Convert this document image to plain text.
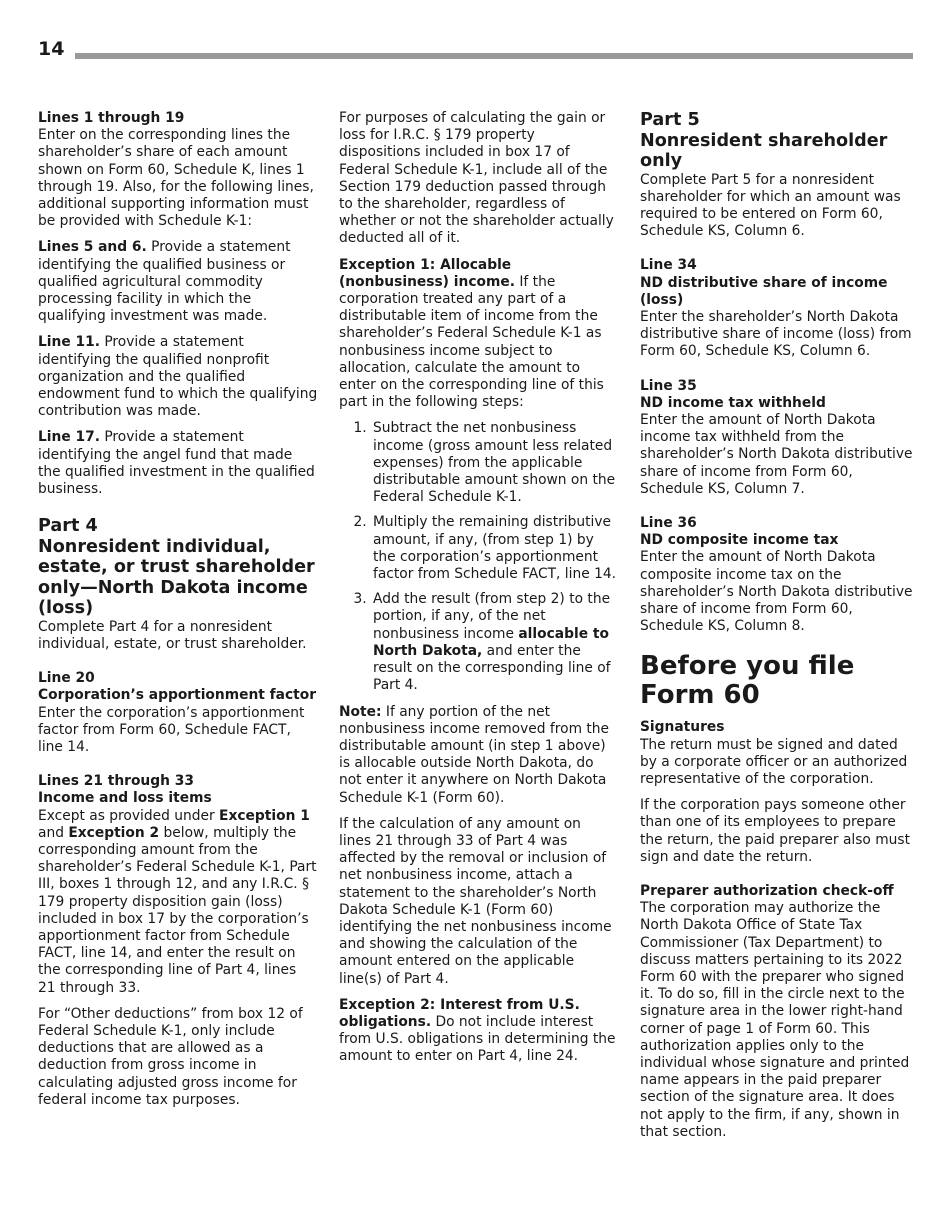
14

Lines 1 through 19
Enter on the corresponding lines the shareholder’s share of each amount shown on Form 60, Schedule K, lines 1 through 19. Also, for the following lines, additional supporting information must be provided with Schedule K-1:

Lines 5 and 6. Provide a statement identifying the qualified business or qualified agricultural commodity processing facility in which the qualifying investment was made.

Line 11. Provide a statement identifying the qualified nonprofit organization and the qualified endowment fund to which the qualifying contribution was made.

Line 17. Provide a statement identifying the angel fund that made the qualified investment in the qualified business.

Part 4
Nonresident individual, estate, or trust shareholder only—North Dakota income (loss)

Complete Part 4 for a nonresident individual, estate, or trust shareholder.

Line 20
Corporation’s apportionment factor

Enter the corporation’s apportionment factor from Form 60, Schedule FACT, line 14.

Lines 21 through 33
Income and loss items

Except as provided under Exception 1 and Exception 2 below, multiply the corresponding amount from the shareholder’s Federal Schedule K-1, Part III, boxes 1 through 12, and any I.R.C. § 179 property disposition gain (loss) included in box 17 by the corporation’s apportionment factor from Schedule FACT, line 14, and enter the result on the corresponding line of Part 4, lines 21 through 33.

For “Other deductions” from box 12 of Federal Schedule K-1, only include deductions that are allowed as a deduction from gross income in calculating adjusted gross income for federal income tax purposes.

For purposes of calculating the gain or loss for I.R.C. § 179 property dispositions included in box 17 of Federal Schedule K-1, include all of the Section 179 deduction passed through to the shareholder, regardless of whether or not the shareholder actually deducted all of it.

Exception 1: Allocable (nonbusiness) income. If the corporation treated any part of a distributable item of income from the shareholder’s Federal Schedule K-1 as nonbusiness income subject to allocation, calculate the amount to enter on the corresponding line of this part in the following steps:

1. Subtract the net nonbusiness income (gross amount less related expenses) from the applicable distributable amount shown on the Federal Schedule K-1.
2. Multiply the remaining distributive amount, if any, (from step 1) by the corporation’s apportionment factor from Schedule FACT, line 14.
3. Add the result (from step 2) to the portion, if any, of the net nonbusiness income allocable to North Dakota, and enter the result on the corresponding line of Part 4.

Note: If any portion of the net nonbusiness income removed from the distributable amount (in step 1 above) is allocable outside North Dakota, do not enter it anywhere on North Dakota Schedule K-1 (Form 60).

If the calculation of any amount on lines 21 through 33 of Part 4 was affected by the removal or inclusion of net nonbusiness income, attach a statement to the shareholder’s North Dakota Schedule K-1 (Form 60) identifying the net nonbusiness income and showing the calculation of the amount entered on the applicable line(s) of Part 4.

Exception 2: Interest from U.S. obligations. Do not include interest from U.S. obligations in determining the amount to enter on Part 4, line 24.

Part 5
Nonresident shareholder only

Complete Part 5 for a nonresident shareholder for which an amount was required to be entered on Form 60, Schedule KS, Column 6.

Line 34
ND distributive share of income (loss)

Enter the shareholder’s North Dakota distributive share of income (loss) from Form 60, Schedule KS, Column 6.

Line 35
ND income tax withheld

Enter the amount of North Dakota income tax withheld from the shareholder’s North Dakota distributive share of income from Form 60, Schedule KS, Column 7.

Line 36
ND composite income tax

Enter the amount of North Dakota composite income tax on the shareholder’s North Dakota distributive share of income from Form 60, Schedule KS, Column 8.

Before you file Form 60
Signatures

The return must be signed and dated by a corporate officer or an authorized representative of the corporation.

If the corporation pays someone other than one of its employees to prepare the return, the paid preparer also must sign and date the return.

Preparer authorization check-off

The corporation may authorize the North Dakota Office of State Tax Commissioner (Tax Department) to discuss matters pertaining to its 2022 Form 60 with the preparer who signed it. To do so, fill in the circle next to the signature area in the lower right-hand corner of page 1 of Form 60. This authorization applies only to the individual whose signature and printed name appears in the paid preparer section of the signature area. It does not apply to the firm, if any, shown in that section.
